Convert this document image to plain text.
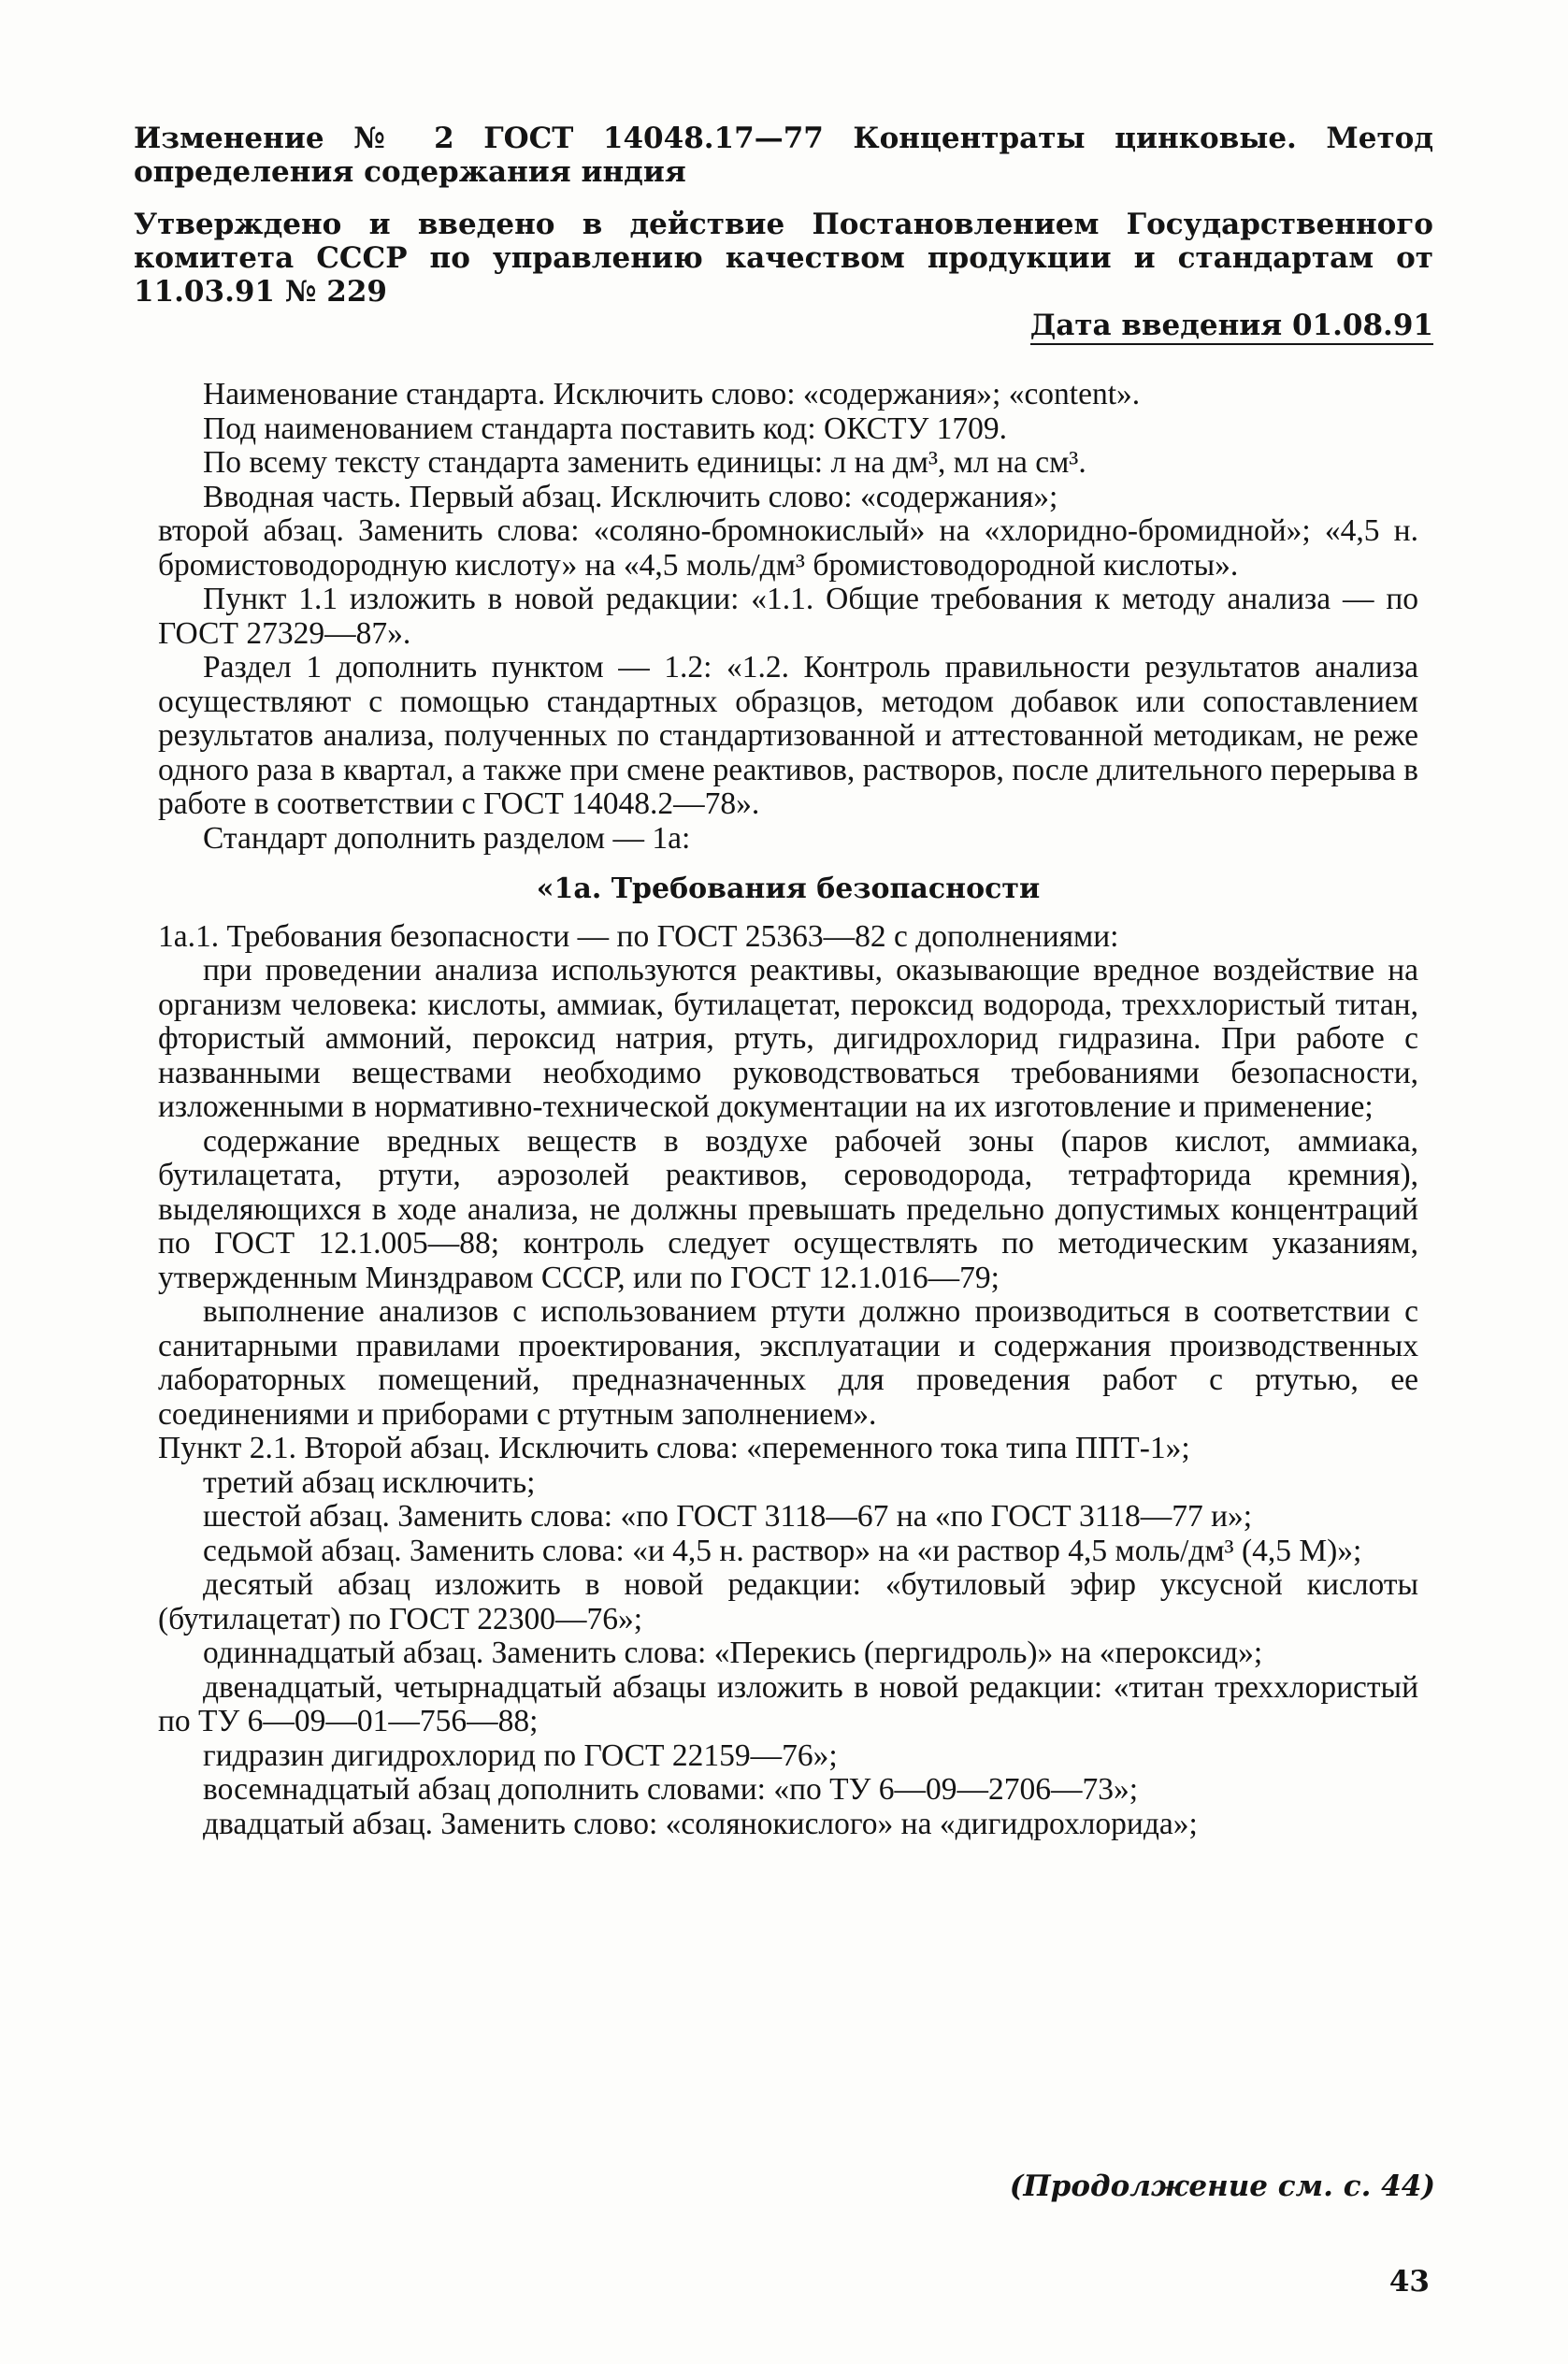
Изменение № 2 ГОСТ 14048.17—77 Концентраты цинковые. Метод определения содержания индия
Утверждено и введено в действие Постановлением Государственного комитета СССР по управлению качеством продукции и стандартам от 11.03.91 № 229
Дата введения 01.08.91

Наименование стандарта. Исключить слово: «содержания»; «content».

Под наименованием стандарта поставить код: ОКСТУ 1709.

По всему тексту стандарта заменить единицы: л на дм³, мл на см³.

Вводная часть. Первый абзац. Исключить слово: «содержания»;

второй абзац. Заменить слова: «соляно-бромнокислый» на «хлоридно-бромидной»; «4,5 н. бромистоводородную кислоту» на «4,5 моль/дм³ бромистоводородной кислоты».

Пункт 1.1 изложить в новой редакции: «1.1. Общие требования к методу анализа — по ГОСТ 27329—87».

Раздел 1 дополнить пунктом — 1.2: «1.2. Контроль правильности результатов анализа осуществляют с помощью стандартных образцов, методом добавок или сопоставлением результатов анализа, полученных по стандартизованной и аттестованной методикам, не реже одного раза в квартал, а также при смене реактивов, растворов, после длительного перерыва в работе в соответствии с ГОСТ 14048.2—78».

Стандарт дополнить разделом — 1а:

«1а. Требования безопасности

1а.1. Требования безопасности — по ГОСТ 25363—82 с дополнениями:

при проведении анализа используются реактивы, оказывающие вредное воздействие на организм человека: кислоты, аммиак, бутилацетат, пероксид водорода, треххлористый титан, фтористый аммоний, пероксид натрия, ртуть, дигидрохлорид гидразина. При работе с названными веществами необходимо руководствоваться требованиями безопасности, изложенными в нормативно-технической документации на их изготовление и применение;

содержание вредных веществ в воздухе рабочей зоны (паров кислот, аммиака, бутилацетата, ртути, аэрозолей реактивов, сероводорода, тетрафторида кремния), выделяющихся в ходе анализа, не должны превышать предельно допустимых концентраций по ГОСТ 12.1.005—88; контроль следует осуществлять по методическим указаниям, утвержденным Минздравом СССР, или по ГОСТ 12.1.016—79;

выполнение анализов с использованием ртути должно производиться в соответствии с санитарными правилами проектирования, эксплуатации и содержания производственных лабораторных помещений, предназначенных для проведения работ с ртутью, ее соединениями и приборами с ртутным заполнением».

Пункт 2.1. Второй абзац. Исключить слова: «переменного тока типа ППТ-1»;

третий абзац исключить;

шестой абзац. Заменить слова: «по ГОСТ 3118—67 на «по ГОСТ 3118—77 и»;

седьмой абзац. Заменить слова: «и 4,5 н. раствор» на «и раствор 4,5 моль/дм³ (4,5 М)»;

десятый абзац изложить в новой редакции: «бутиловый эфир уксусной кислоты (бутилацетат) по ГОСТ 22300—76»;

одиннадцатый абзац. Заменить слова: «Перекись (пергидроль)» на «пероксид»;

двенадцатый, четырнадцатый абзацы изложить в новой редакции: «титан треххлористый по ТУ 6—09—01—756—88;

гидразин дигидрохлорид по ГОСТ 22159—76»;

восемнадцатый абзац дополнить словами: «по ТУ 6—09—2706—73»;

двадцатый абзац. Заменить слово: «солянокислого» на «дигидрохлорида»;

(Продолжение см. с. 44)
43
